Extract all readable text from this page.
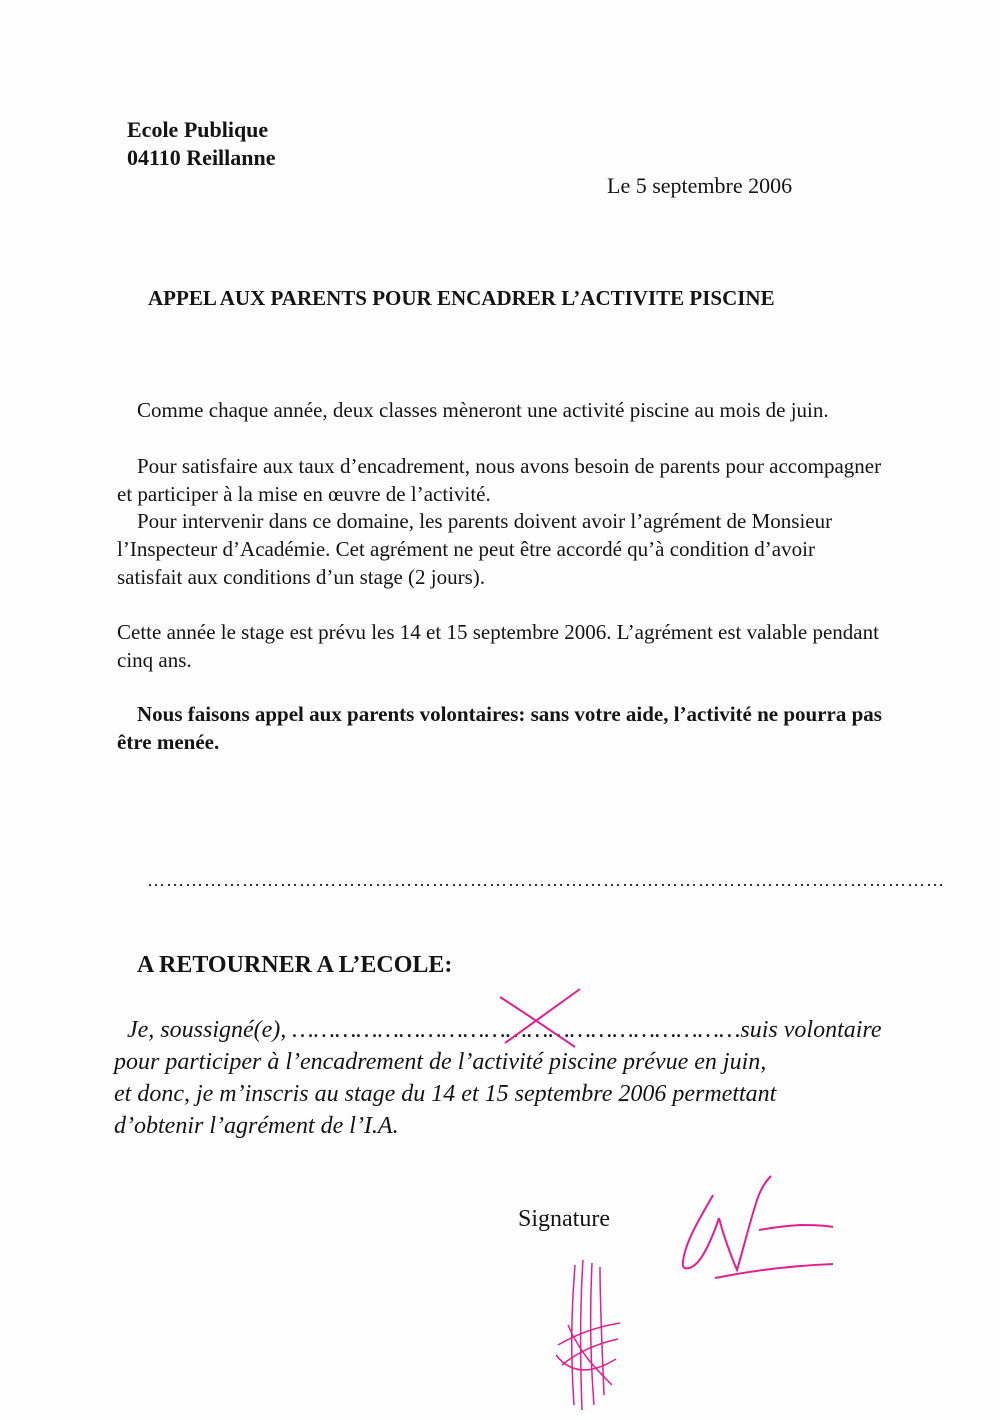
Ecole Publique
04110 Reillanne
Le 5 septembre 2006
APPEL AUX PARENTS POUR ENCADRER L’ACTIVITE PISCINE
Comme chaque année, deux classes mèneront une activité piscine au mois de juin.
Pour satisfaire aux taux d’encadrement, nous avons besoin de parents pour accompagner et participer à la mise en œuvre de l’activité.
Pour intervenir dans ce domaine, les parents doivent avoir l’agrément de Monsieur l’Inspecteur d’Académie. Cet agrément ne peut être accordé qu’à condition d’avoir satisfait aux conditions d’un stage (2 jours).
Cette année le stage est prévu les 14 et 15 septembre 2006. L’agrément est valable pendant cinq ans.
Nous faisons appel aux parents volontaires: sans votre aide, l’activité ne pourra pas être menée.
………………………………………………………………………………………………………………
A RETOURNER A L’ECOLE:
Je, soussigné(e), ………………………………………………………suis volontaire
pour participer à l’encadrement de l’activité piscine prévue en juin,
et donc, je m’inscris au stage du 14 et 15 septembre 2006 permettant
d’obtenir l’agrément de l’I.A.
Signature
